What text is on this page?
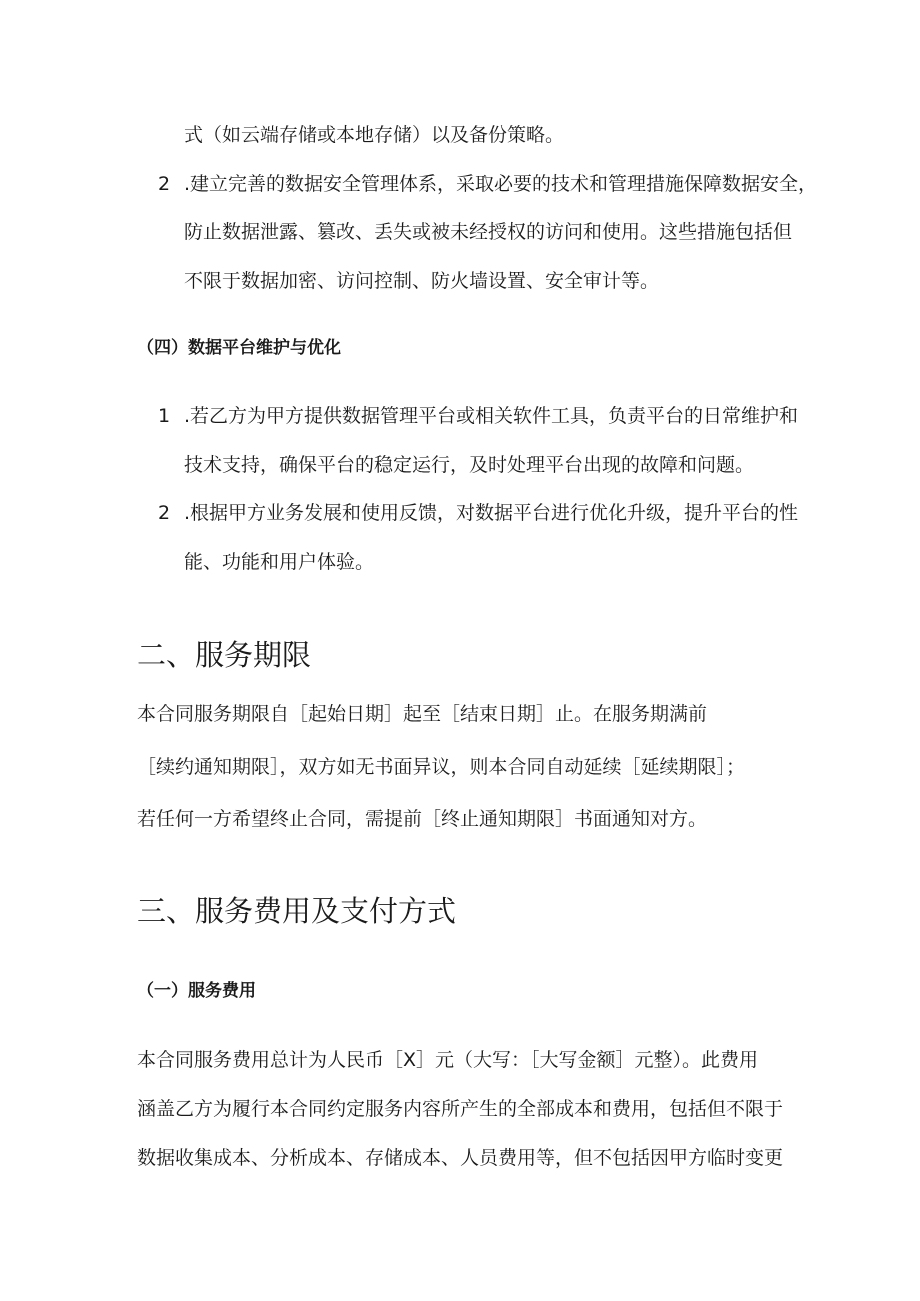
式（如云端存储或本地存储）以及备份策略。
2 .建立完善的数据安全管理体系，采取必要的技术和管理措施保障数据安全，
防止数据泄露、篡改、丢失或被未经授权的访问和使用。这些措施包括但
不限于数据加密、访问控制、防火墙设置、安全审计等。
（四）数据平台维护与优化
1 .若乙方为甲方提供数据管理平台或相关软件工具，负责平台的日常维护和
技术支持，确保平台的稳定运行，及时处理平台出现的故障和问题。
2 .根据甲方业务发展和使用反馈，对数据平台进行优化升级，提升平台的性
能、功能和用户体验。
二、服务期限
本合同服务期限自［起始日期］起至［结束日期］止。在服务期满前
［续约通知期限］，双方如无书面异议，则本合同自动延续［延续期限］；
若任何一方希望终止合同，需提前［终止通知期限］书面通知对方。
三、服务费用及支付方式
（一）服务费用
本合同服务费用总计为人民币［X］元（大写：［大写金额］元整）。此费用
涵盖乙方为履行本合同约定服务内容所产生的全部成本和费用，包括但不限于
数据收集成本、分析成本、存储成本、人员费用等，但不包括因甲方临时变更
